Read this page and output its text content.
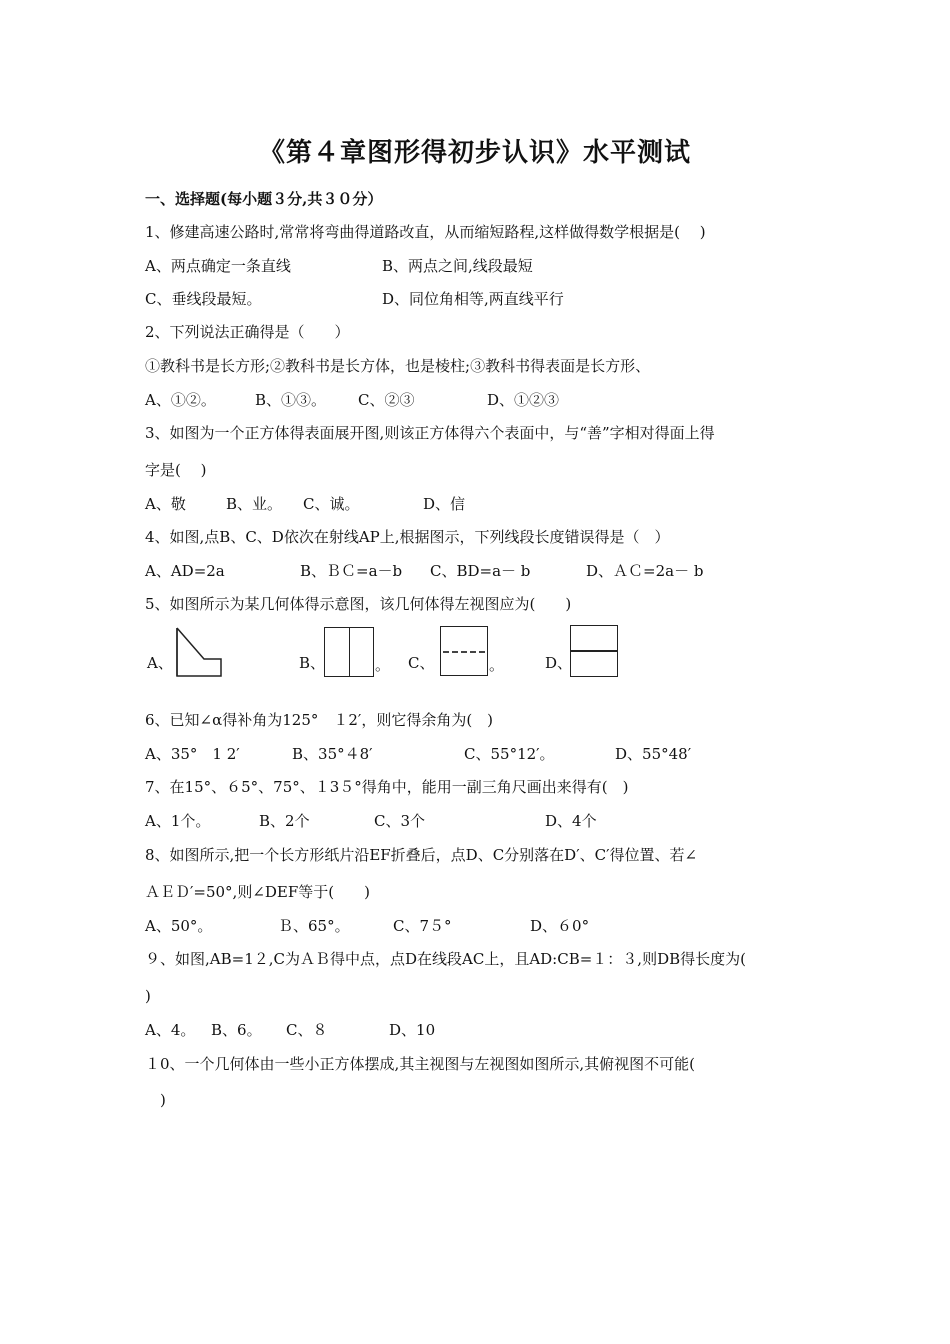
《第４章图形得初步认识》水平测试
一、选择题(每小题３分,共３０分）
1、修建高速公路时,常常将弯曲得道路改直，从而缩短路程,这样做得数学根据是(　 )
A、两点确定一条直线	B、两点之间,线段最短
C、垂线段最短。	D、同位角相等,两直线平行
2、下列说法正确得是（　　）
①教科书是长方形;②教科书是长方体，也是棱柱;③教科书得表面是长方形、
A、①②。	B、①③。 C、②③	D、①②③
3、如图为一个正方体得表面展开图,则该正方体得六个表面中，与“善”字相对得面上得
字是(　 )
A、敬	B、业。 C、诚。	D、信
4、如图,点B、C、D依次在射线AP上,根据图示，下列线段长度错误得是（　）
A、AD=2a	B、ＢＣ=a－b C、BD=a－ b	D、ＡＣ=2a－ b
5、如图所示为某几何体得示意图，该几何体得左视图应为(　　)
A、	B、	。 C、	。	D、
6、已知∠α得补角为125°　１2′，则它得余角为(　)
A、35°　1 2′	B、35°４8′	C、55°12′。	D、55°48′
7、在15°、６5°、75°、１3５°得角中，能用一副三角尺画出来得有(　)
A、1个。	B、2个	C、3个	D、4个
8、如图所示,把一个长方形纸片沿EF折叠后，点D、C分别落在D′、C′得位置、若∠
ＡＥＤ′=50°,则∠DEF等于(　　)
A、50°。	Ｂ、65°。	C、7５°	D、６0°
９、如图,AB=1２,C为ＡＢ得中点，点D在线段AC上，且AD:CB=１：３,则DB得长度为(
)
A、4。 B、6。 C、８	D、10
１0、一个几何体由一些小正方体摆成,其主视图与左视图如图所示,其俯视图不可能(
　)
